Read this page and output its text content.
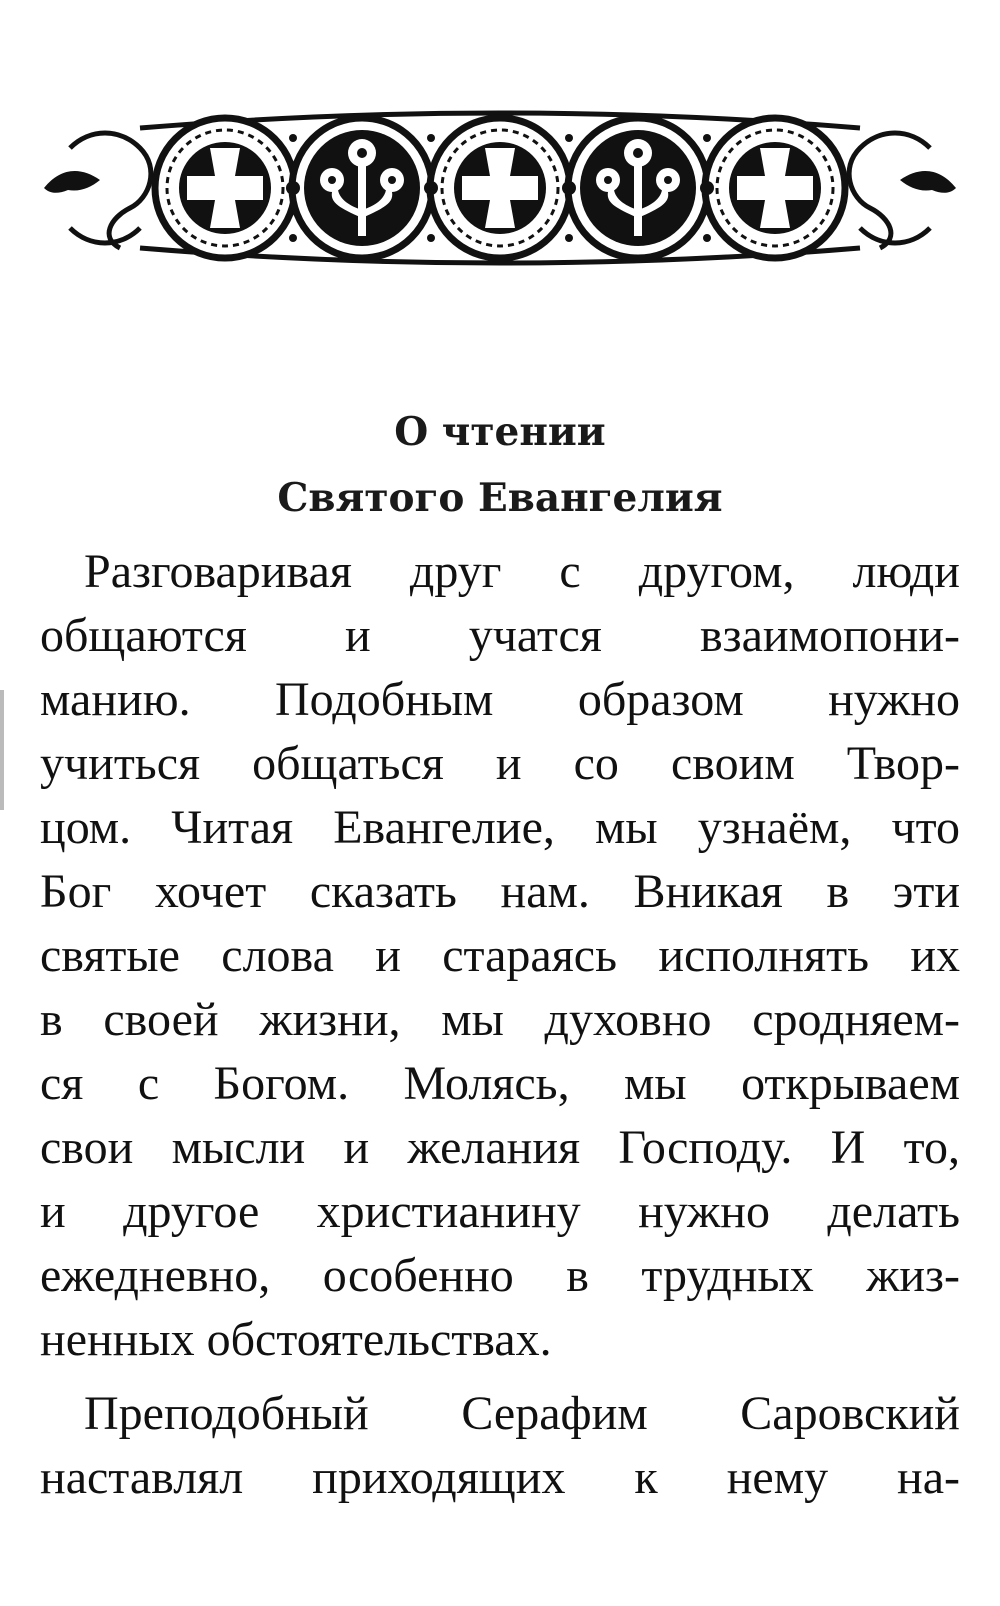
О чтении
Святого Евангелия
Разговаривая друг с другом, люди
общаются и учатся взаимопони-
манию. Подобным образом нужно
учиться общаться и со своим Твор-
цом. Читая Евангелие, мы узнаём, что
Бог хочет сказать нам. Вникая в эти
святые слова и стараясь исполнять их
в своей жизни, мы духовно сродняем-
ся с Богом. Молясь, мы открываем
свои мысли и желания Господу. И то,
и другое христианину нужно делать
ежедневно, особенно в трудных жиз-
ненных обстоятельствах.
Преподобный Серафим Саровский
наставлял приходящих к нему на-
